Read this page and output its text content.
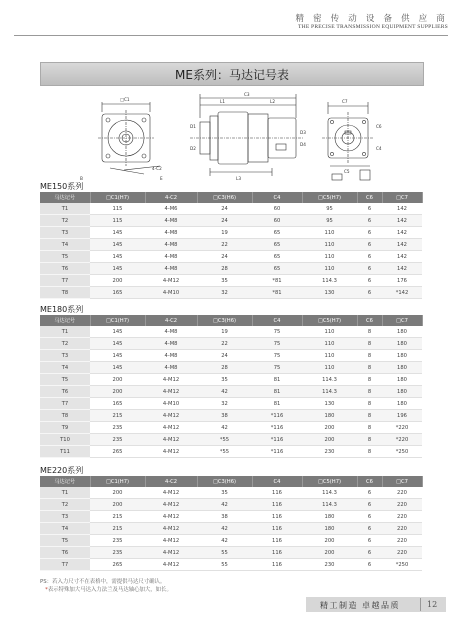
精 密 传 动 设 备 供 应 商
THE PRECISE TRANSMISSION EQUIPMENT SUPPLIERS
ME系列：马达记号表
□C1
4-C2
C3
L1	L2
L3
D1
D2
D3
D4
C7
C5
C6
C4
B	E
ME150系列
马达记号	□C1(H7)	4-C2	□C3(H6)	C4	□C5(H7)	C6	□C7
T1	115	4-M6	24	60	95	6	142
T2	115	4-M8	24	60	95	6	142
T3	145	4-M8	19	65	110	6	142
T4	145	4-M8	22	65	110	6	142
T5	145	4-M8	24	65	110	6	142
T6	145	4-M8	28	65	110	6	142
T7	200	4-M12	35	*81	114.3	6	176
T8	165	4-M10	32	*81	130	6	*142
ME180系列
马达记号	□C1(H7)	4-C2	□C3(H6)	C4	□C5(H7)	C6	□C7
T1	145	4-M8	19	75	110	8	180
T2	145	4-M8	22	75	110	8	180
T3	145	4-M8	24	75	110	8	180
T4	145	4-M8	28	75	110	8	180
T5	200	4-M12	35	81	114.3	8	180
T6	200	4-M12	42	81	114.3	8	180
T7	165	4-M10	32	81	130	8	180
T8	215	4-M12	38	*116	180	8	196
T9	235	4-M12	42	*116	200	8	*220
T10	235	4-M12	*55	*116	200	8	*220
T11	265	4-M12	*55	*116	230	8	*250
ME220系列
马达记号	□C1(H7)	4-C2	□C3(H6)	C4	□C5(H7)	C6	□C7
T1	200	4-M12	35	116	114.3	6	220
T2	200	4-M12	42	116	114.3	6	220
T3	215	4-M12	38	116	180	6	220
T4	215	4-M12	42	116	180	6	220
T5	235	4-M12	42	116	200	6	220
T6	235	4-M12	55	116	200	6	220
T7	265	4-M12	55	116	230	6	*250
PS：若入力尺寸不在表格中，需提供马达尺寸确认。
*表示特殊加大马达入力法兰及马达轴心加大，如长。
精工制造 卓越品质	12
